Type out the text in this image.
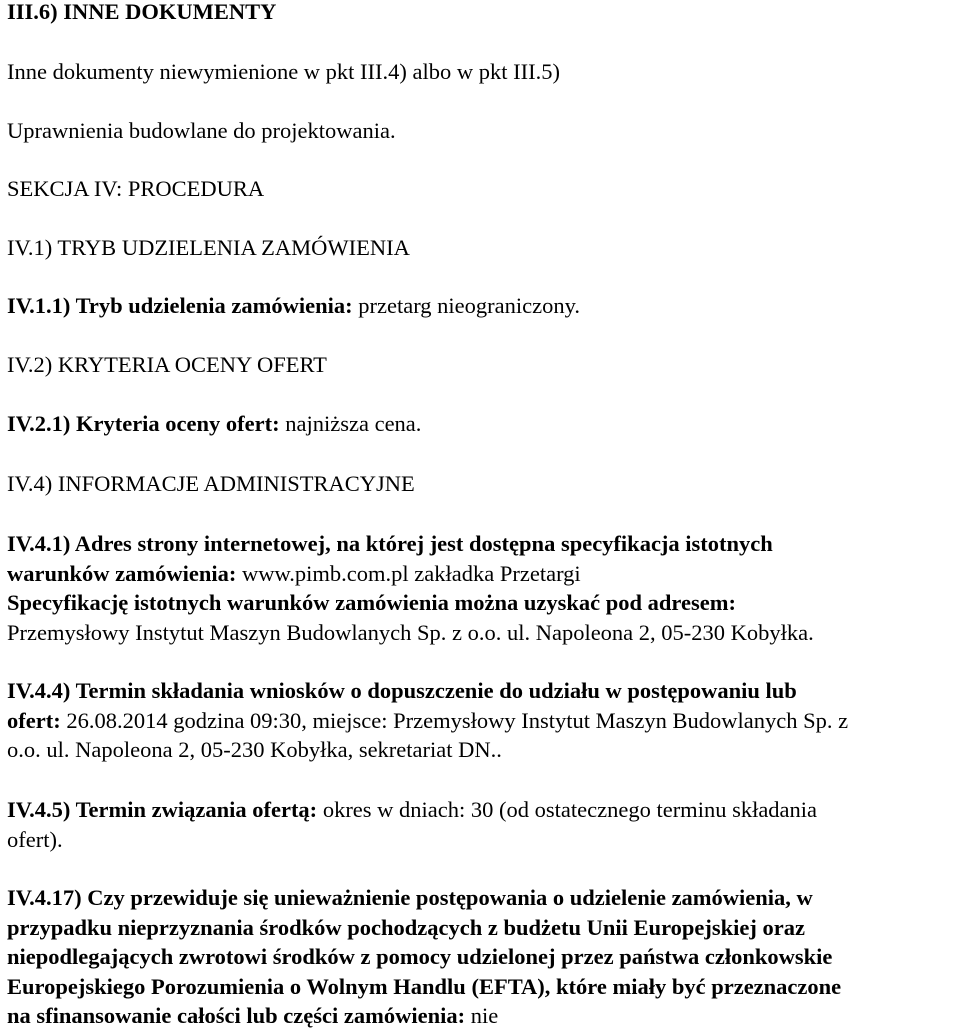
III.6) INNE DOKUMENTY

Inne dokumenty niewymienione w pkt III.4) albo w pkt III.5)

Uprawnienia budowlane do projektowania.

SEKCJA IV: PROCEDURA

IV.1) TRYB UDZIELENIA ZAMÓWIENIA

IV.1.1) Tryb udzielenia zamówienia: przetarg nieograniczony.

IV.2) KRYTERIA OCENY OFERT

IV.2.1) Kryteria oceny ofert: najniższa cena.

IV.4) INFORMACJE ADMINISTRACYJNE

IV.4.1) Adres strony internetowej, na której jest dostępna specyfikacja istotnych

warunków zamówienia: www.pimb.com.pl zakładka Przetargi

Specyfikację istotnych warunków zamówienia można uzyskać pod adresem:

Przemysłowy Instytut Maszyn Budowlanych Sp. z o.o. ul. Napoleona 2, 05-230 Kobyłka.

IV.4.4) Termin składania wniosków o dopuszczenie do udziału w postępowaniu lub

ofert: 26.08.2014 godzina 09:30, miejsce: Przemysłowy Instytut Maszyn Budowlanych Sp. z

o.o. ul. Napoleona 2, 05-230 Kobyłka, sekretariat DN..

IV.4.5) Termin związania ofertą: okres w dniach: 30 (od ostatecznego terminu składania

ofert).

IV.4.17) Czy przewiduje się unieważnienie postępowania o udzielenie zamówienia, w

przypadku nieprzyznania środków pochodzących z budżetu Unii Europejskiej oraz

niepodlegających zwrotowi środków z pomocy udzielonej przez państwa członkowskie

Europejskiego Porozumienia o Wolnym Handlu (EFTA), które miały być przeznaczone

na sfinansowanie całości lub części zamówienia: nie
